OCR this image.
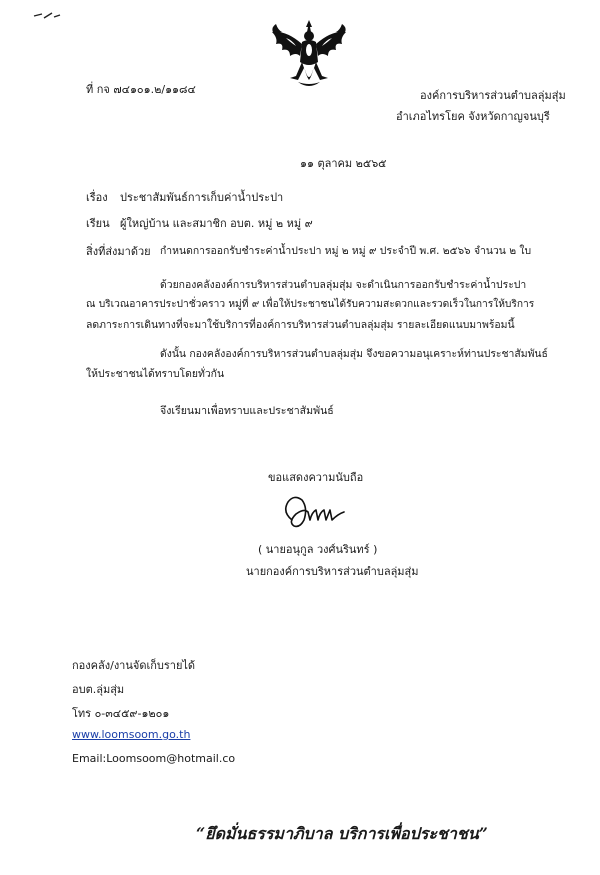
ที่ กจ ๗๔๑๐๑.๒/๑๑๘๔	องค์การบริหารส่วนตำบลลุ่มสุ่ม
อำเภอไทรโยค จังหวัดกาญจนบุรี
๑๑ ตุลาคม ๒๕๖๕
เรื่อง ประชาสัมพันธ์การเก็บค่าน้ำประปา
เรียน ผู้ใหญ่บ้าน และสมาชิก อบต. หมู่ ๒ หมู่ ๙
สิ่งที่ส่งมาด้วย กำหนดการออกรับชำระค่าน้ำประปา หมู่ ๒ หมู่ ๙ ประจำปี พ.ศ. ๒๕๖๖ จำนวน ๒ ใบ
ด้วยกองคลังองค์การบริหารส่วนตำบลลุ่มสุ่ม จะดำเนินการออกรับชำระค่าน้ำประปา
ณ บริเวณอาคารประปาชั่วคราว หมู่ที่ ๙ เพื่อให้ประชาชนได้รับความสะดวกและรวดเร็วในการให้บริการ
ลดภาระการเดินทางที่จะมาใช้บริการที่องค์การบริหารส่วนตำบลลุ่มสุ่ม รายละเอียดแนบมาพร้อมนี้
ดังนั้น กองคลังองค์การบริหารส่วนตำบลลุ่มสุ่ม จึงขอความอนุเคราะห์ท่านประชาสัมพันธ์
ให้ประชาชนได้ทราบโดยทั่วกัน
จึงเรียนมาเพื่อทราบและประชาสัมพันธ์
ขอแสดงความนับถือ
( นายอนุกูล วงศ์นรินทร์ )
นายกองค์การบริหารส่วนตำบลลุ่มสุ่ม
กองคลัง/งานจัดเก็บรายได้
อบต.ลุ่มสุ่ม
โทร ๐-๓๔๕๙-๑๒๐๑
www.loomsoom.go.th
Email:Loomsoom@hotmail.co
“ยึดมั่นธรรมาภิบาล บริการเพื่อประชาชน”
